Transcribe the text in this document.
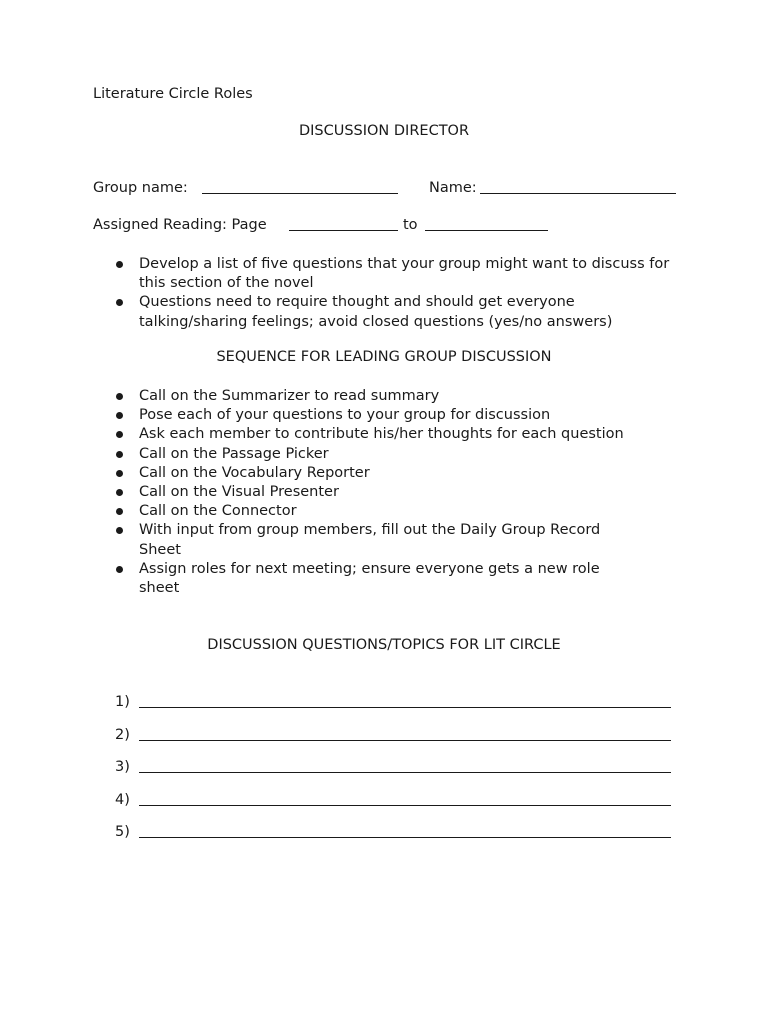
Literature Circle Roles
DISCUSSION DIRECTOR
Group name:	Name:
Assigned Reading: Page	to
Develop a list of five questions that your group might want to discuss for this section of the novel
Questions need to require thought and should get everyone talking/sharing feelings; avoid closed questions (yes/no answers)
SEQUENCE FOR LEADING GROUP DISCUSSION
Call on the Summarizer to read summary
Pose each of your questions to your group for discussion
Ask each member to contribute his/her thoughts for each question
Call on the Passage Picker
Call on the Vocabulary Reporter
Call on the Visual Presenter
Call on the Connector
With input from group members, fill out the Daily Group Record Sheet
Assign roles for next meeting; ensure everyone gets a new role sheet
DISCUSSION QUESTIONS/TOPICS FOR LIT CIRCLE
1)
2)
3)
4)
5)
